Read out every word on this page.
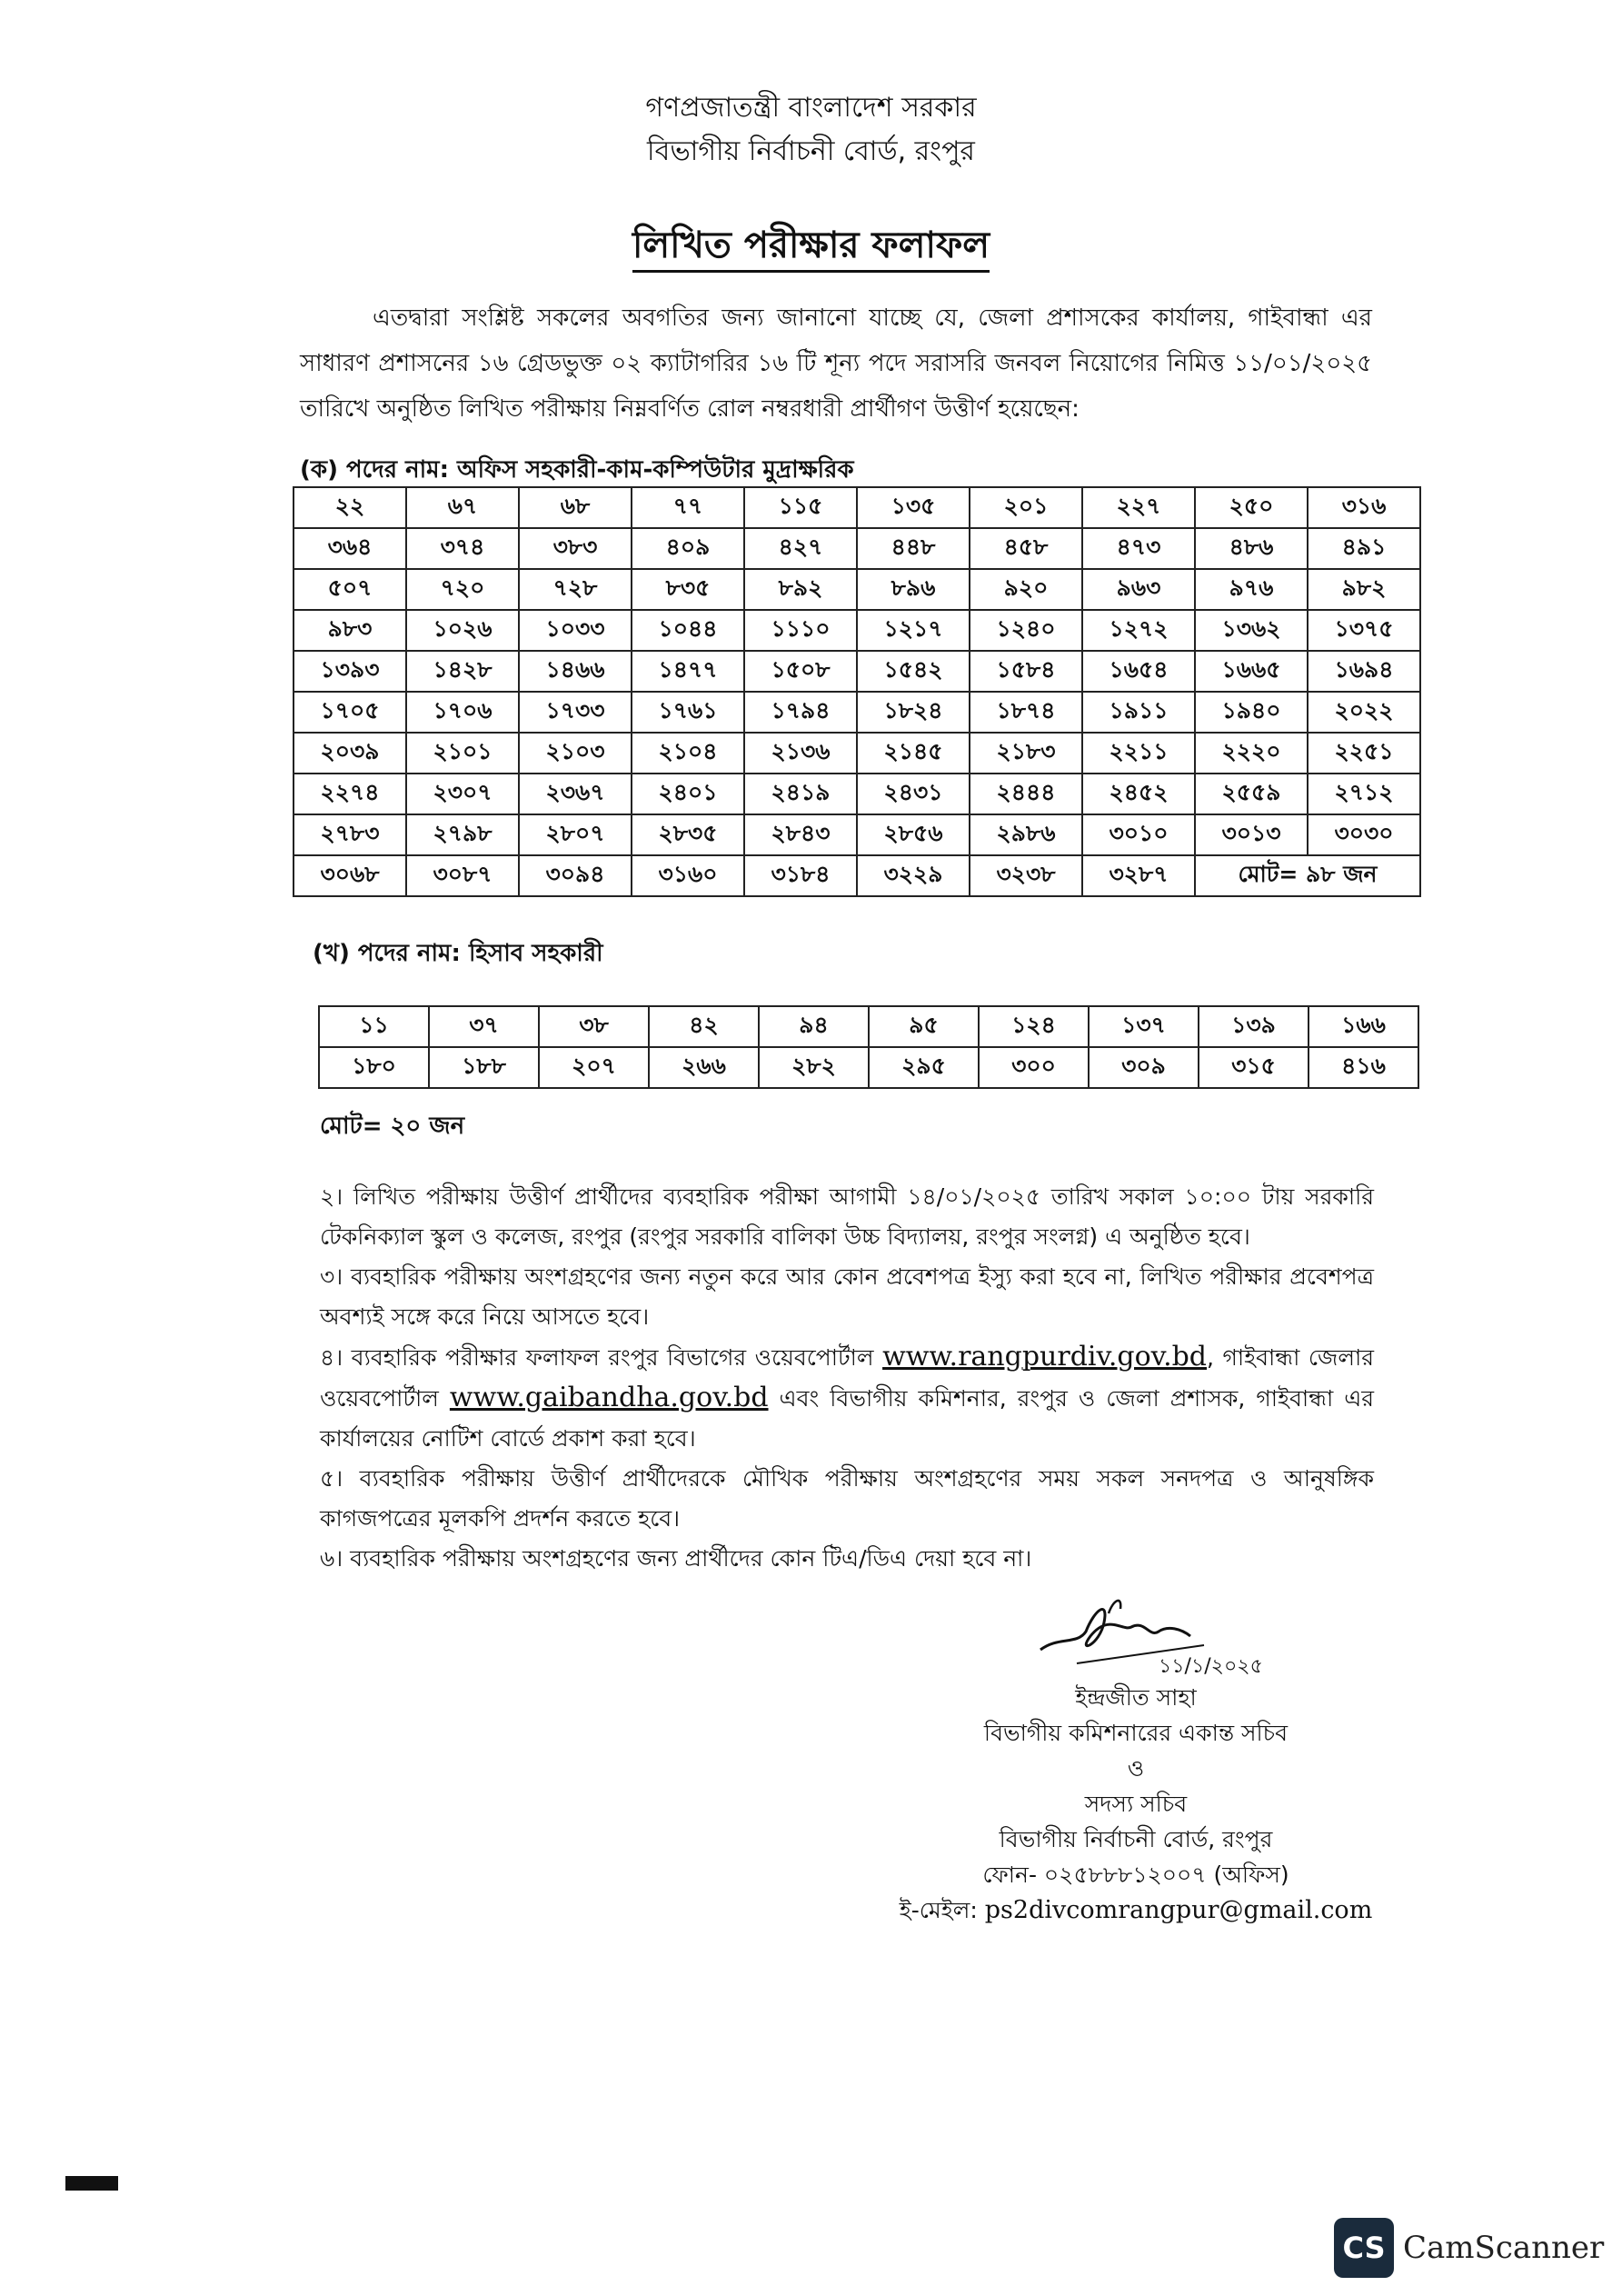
গণপ্রজাতন্ত্রী বাংলাদেশ সরকার
বিভাগীয় নির্বাচনী বোর্ড, রংপুর
লিখিত পরীক্ষার ফলাফল
এতদ্বারা সংশ্লিষ্ট সকলের অবগতির জন্য জানানো যাচ্ছে যে, জেলা প্রশাসকের কার্যালয়, গাইবান্ধা এর সাধারণ প্রশাসনের ১৬ গ্রেডভুক্ত ০২ ক্যাটাগরির ১৬ টি শূন্য পদে সরাসরি জনবল নিয়োগের নিমিত্ত ১১/০১/২০২৫ তারিখে অনুষ্ঠিত লিখিত পরীক্ষায় নিম্নবর্ণিত রোল নম্বরধারী প্রার্থীগণ উত্তীর্ণ হয়েছেন:
(ক) পদের নাম: অফিস সহকারী-কাম-কম্পিউটার মুদ্রাক্ষরিক
২২	৬৭	৬৮	৭৭	১১৫	১৩৫	২০১	২২৭	২৫০	৩১৬
৩৬৪	৩৭৪	৩৮৩	৪০৯	৪২৭	৪৪৮	৪৫৮	৪৭৩	৪৮৬	৪৯১
৫০৭	৭২০	৭২৮	৮৩৫	৮৯২	৮৯৬	৯২০	৯৬৩	৯৭৬	৯৮২
৯৮৩	১০২৬	১০৩৩	১০৪৪	১১১০	১২১৭	১২৪০	১২৭২	১৩৬২	১৩৭৫
১৩৯৩	১৪২৮	১৪৬৬	১৪৭৭	১৫০৮	১৫৪২	১৫৮৪	১৬৫৪	১৬৬৫	১৬৯৪
১৭০৫	১৭০৬	১৭৩৩	১৭৬১	১৭৯৪	১৮২৪	১৮৭৪	১৯১১	১৯৪০	২০২২
২০৩৯	২১০১	২১০৩	২১০৪	২১৩৬	২১৪৫	২১৮৩	২২১১	২২২০	২২৫১
২২৭৪	২৩০৭	২৩৬৭	২৪০১	২৪১৯	২৪৩১	২৪৪৪	২৪৫২	২৫৫৯	২৭১২
২৭৮৩	২৭৯৮	২৮০৭	২৮৩৫	২৮৪৩	২৮৫৬	২৯৮৬	৩০১০	৩০১৩	৩০৩০
৩০৬৮	৩০৮৭	৩০৯৪	৩১৬০	৩১৮৪	৩২২৯	৩২৩৮	৩২৮৭	মোট= ৯৮ জন	
(খ) পদের নাম: হিসাব সহকারী
১১	৩৭	৩৮	৪২	৯৪	৯৫	১২৪	১৩৭	১৩৯	১৬৬
১৮০	১৮৮	২০৭	২৬৬	২৮২	২৯৫	৩০০	৩০৯	৩১৫	৪১৬
মোট= ২০ জন

২। লিখিত পরীক্ষায় উত্তীর্ণ প্রার্থীদের ব্যবহারিক পরীক্ষা আগামী ১৪/০১/২০২৫ তারিখ সকাল ১০:০০ টায় সরকারি টেকনিক্যাল স্কুল ও কলেজ, রংপুর (রংপুর সরকারি বালিকা উচ্চ বিদ্যালয়, রংপুর সংলগ্ন) এ অনুষ্ঠিত হবে।

৩। ব্যবহারিক পরীক্ষায় অংশগ্রহণের জন্য নতুন করে আর কোন প্রবেশপত্র ইস্যু করা হবে না, লিখিত পরীক্ষার প্রবেশপত্র অবশ্যই সঙ্গে করে নিয়ে আসতে হবে।

৪। ব্যবহারিক পরীক্ষার ফলাফল রংপুর বিভাগের ওয়েবপোর্টাল www.rangpurdiv.gov.bd, গাইবান্ধা জেলার ওয়েবপোর্টাল www.gaibandha.gov.bd এবং বিভাগীয় কমিশনার, রংপুর ও জেলা প্রশাসক, গাইবান্ধা এর কার্যালয়ের নোটিশ বোর্ডে প্রকাশ করা হবে।

৫। ব্যবহারিক পরীক্ষায় উত্তীর্ণ প্রার্থীদেরকে মৌখিক পরীক্ষায় অংশগ্রহণের সময় সকল সনদপত্র ও আনুষঙ্গিক কাগজপত্রের মূলকপি প্রদর্শন করতে হবে।

৬। ব্যবহারিক পরীক্ষায় অংশগ্রহণের জন্য প্রার্থীদের কোন টিএ/ডিএ দেয়া হবে না।

১১/১/২০২৫
ইন্দ্রজীত সাহা
বিভাগীয় কমিশনারের একান্ত সচিব
ও
সদস্য সচিব
বিভাগীয় নির্বাচনী বোর্ড, রংপুর
ফোন- ০২৫৮৮৮১২০০৭ (অফিস)
ই-মেইল: ps2divcomrangpur@gmail.com
CS CamScanner
